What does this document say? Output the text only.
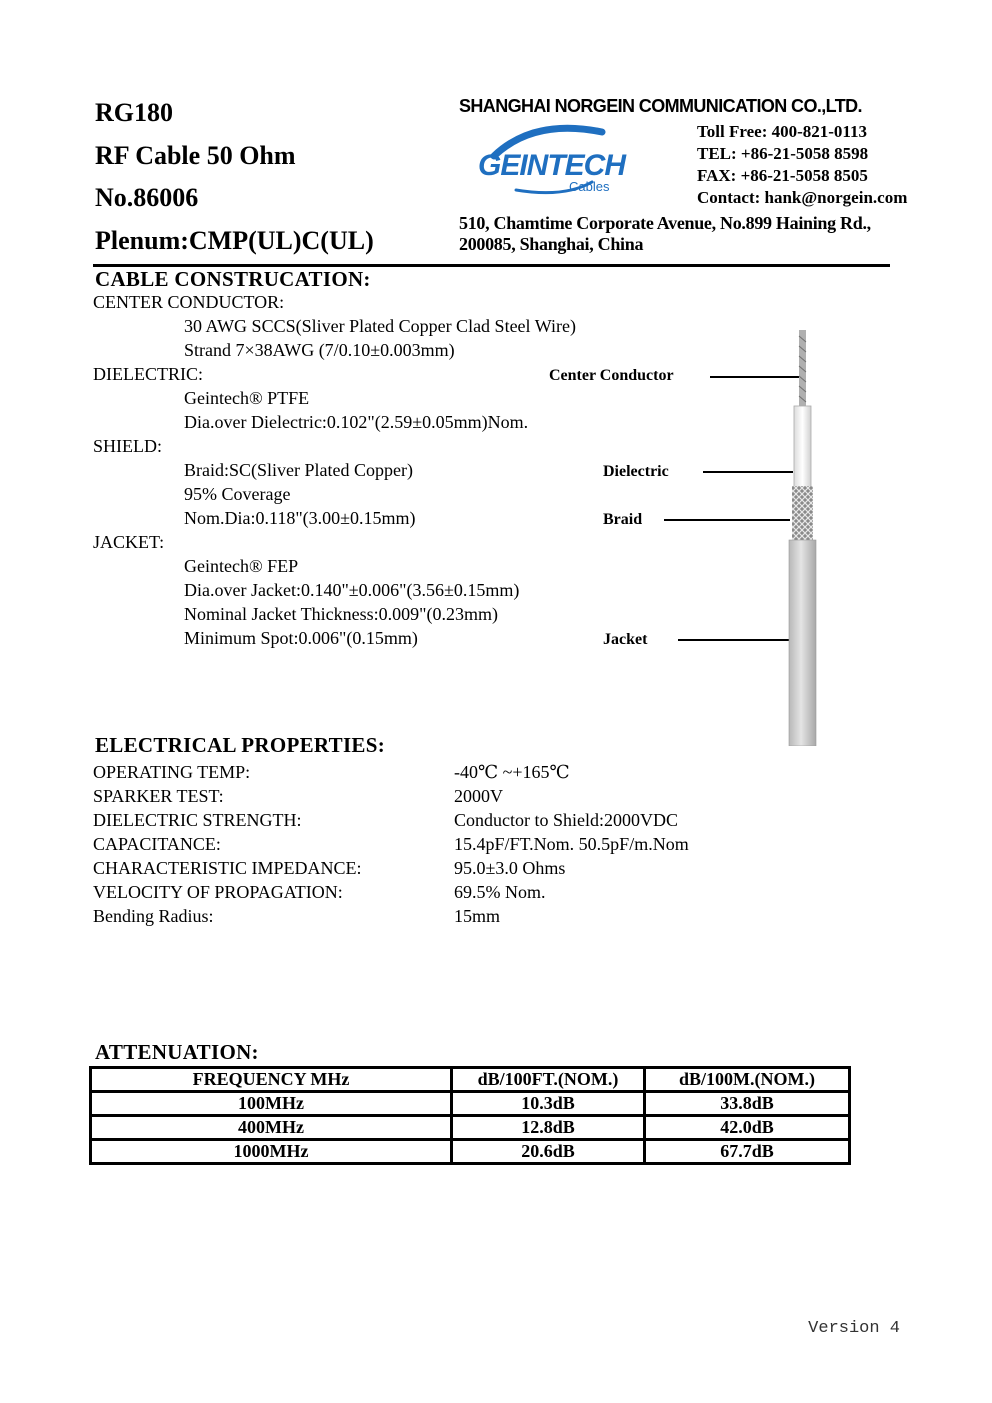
RG180
RF Cable 50 Ohm
No.86006
Plenum:CMP(UL)C(UL)
SHANGHAI NORGEIN COMMUNICATION CO.,LTD.
GEINTECH
Cables
Toll Free: 400-821-0113
TEL: +86-21-5058 8598
FAX: +86-21-5058 8505
Contact: hank@norgein.com
510, Chamtime Corporate Avenue, No.899 Haining Rd.,
200085, Shanghai, China
CABLE CONSTRUCATION:
CENTER CONDUCTOR:
30 AWG SCCS(Sliver Plated Copper Clad Steel Wire)
Strand 7×38AWG (7/0.10±0.003mm)
DIELECTRIC:
Geintech® PTFE
Dia.over Dielectric:0.102"(2.59±0.05mm)Nom.
SHIELD:
Braid:SC(Sliver Plated Copper)
95% Coverage
Nom.Dia:0.118"(3.00±0.15mm)
JACKET:
Geintech® FEP
Dia.over Jacket:0.140"±0.006"(3.56±0.15mm)
Nominal Jacket Thickness:0.009"(0.23mm)
Minimum Spot:0.006"(0.15mm)
Center Conductor
Dielectric
Braid
Jacket
ELECTRICAL PROPERTIES:
OPERATING TEMP:	-40℃ ~+165℃
SPARKER TEST:	2000V
DIELECTRIC STRENGTH:	Conductor to Shield:2000VDC
CAPACITANCE:	15.4pF/FT.Nom. 50.5pF/m.Nom
CHARACTERISTIC IMPEDANCE:	95.0±3.0 Ohms
VELOCITY OF PROPAGATION:	69.5% Nom.
Bending Radius:	15mm
ATTENUATION:
FREQUENCY MHz	dB/100FT.(NOM.)	dB/100M.(NOM.)
100MHz	10.3dB	33.8dB
400MHz	12.8dB	42.0dB
1000MHz	20.6dB	67.7dB
Version 4
